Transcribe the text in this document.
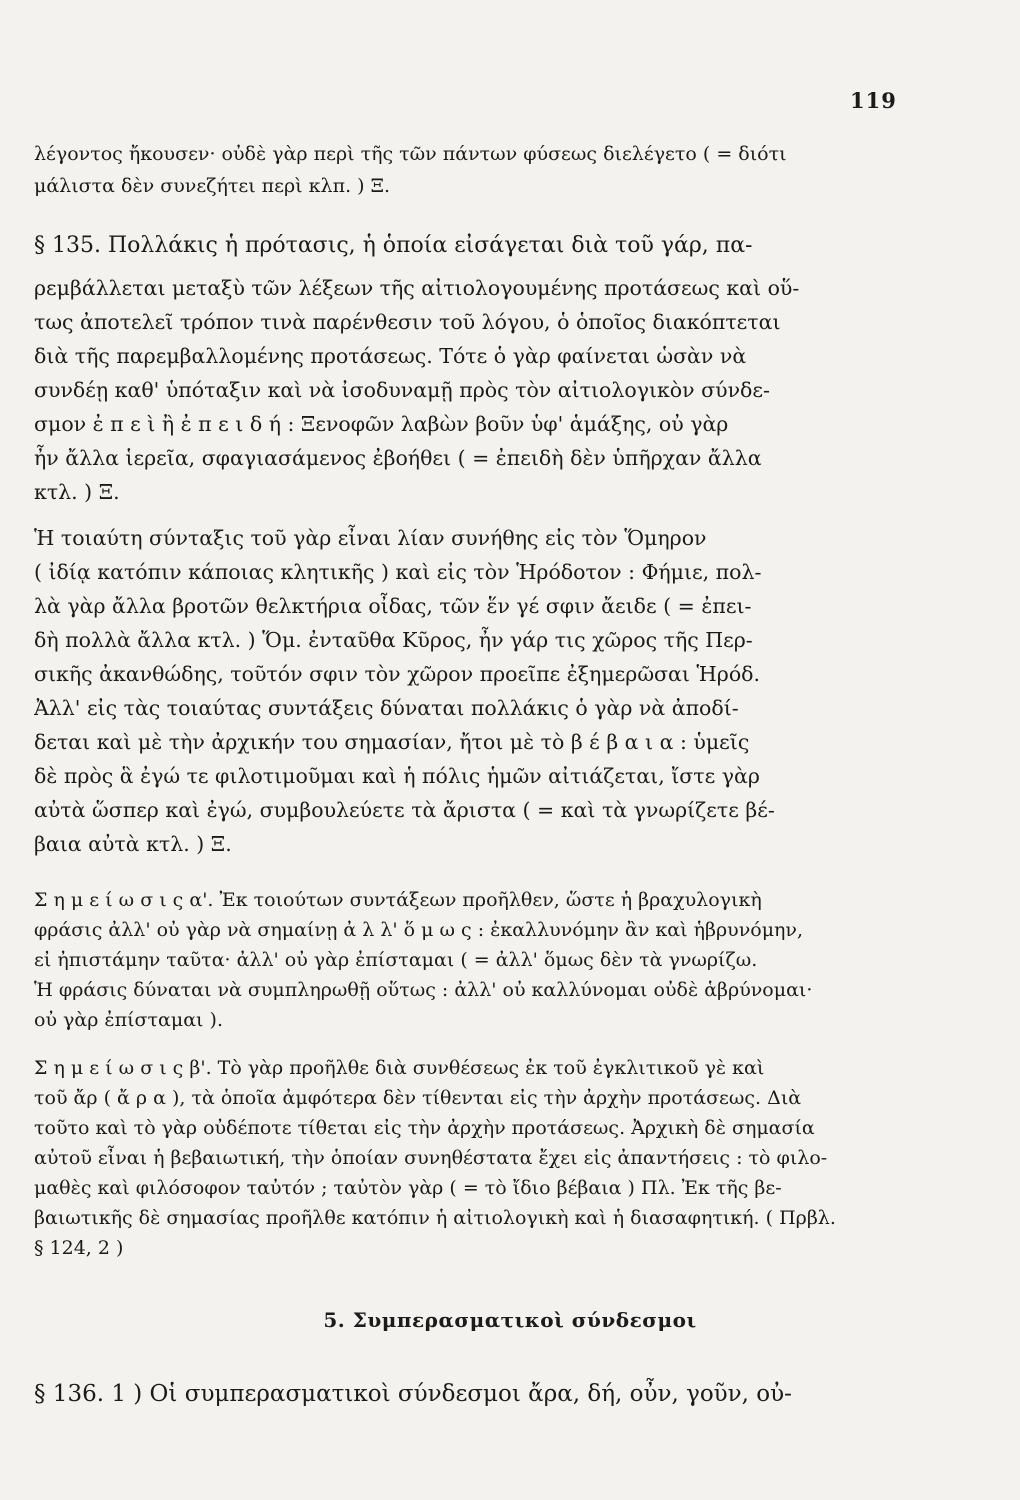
119
λέγοντος ἤκουσεν· οὐδὲ γὰρ περὶ τῆς τῶν πάντων φύσεως διελέγετο ( = διότι
μάλιστα δὲν συνεζήτει περὶ κλπ. ) Ξ.
§ 135. Πολλάκις ἡ πρότασις, ἡ ὁποία εἰσάγεται διὰ τοῦ γάρ, πα-
ρεμβάλλεται μεταξὺ τῶν λέξεων τῆς αἰτιολογουμένης προτάσεως καὶ οὕ-
τως ἀποτελεῖ τρόπον τινὰ παρένθεσιν τοῦ λόγου, ὁ ὁποῖος διακόπτεται
διὰ τῆς παρεμβαλλομένης προτάσεως. Τότε ὁ γὰρ φαίνεται ὡσὰν νὰ
συνδέῃ καθ' ὑπόταξιν καὶ νὰ ἰσοδυναμῇ πρὸς τὸν αἰτιολογικὸν σύνδε-
σμον ἐ π ε ὶ ἢ ἐ π ε ι δ ή : Ξενοφῶν λαβὼν βοῦν ὑφ' ἁμάξης, οὐ γὰρ
ἦν ἄλλα ἱερεῖα, σφαγιασάμενος ἐβοήθει ( = ἐπειδὴ δὲν ὑπῆρχαν ἄλλα
κτλ. ) Ξ.
Ἡ τοιαύτη σύνταξις τοῦ γὰρ εἶναι λίαν συνήθης εἰς τὸν Ὅμηρον
( ἰδίᾳ κατόπιν κάποιας κλητικῆς ) καὶ εἰς τὸν Ἡρόδοτον : Φήμιε, πολ-
λὰ γὰρ ἄλλα βροτῶν θελκτήρια οἶδας, τῶν ἕν γέ σφιν ἄειδε ( = ἐπει-
δὴ πολλὰ ἄλλα κτλ. ) Ὅμ. ἐνταῦθα Κῦρος, ἦν γάρ τις χῶρος τῆς Περ-
σικῆς ἀκανθώδης, τοῦτόν σφιν τὸν χῶρον προεῖπε ἐξημερῶσαι Ἡρόδ.
Ἀλλ' εἰς τὰς τοιαύτας συντάξεις δύναται πολλάκις ὁ γὰρ νὰ ἀποδί-
δεται καὶ μὲ τὴν ἀρχικήν του σημασίαν, ἤτοι μὲ τὸ β έ β α ι α : ὑμεῖς
δὲ πρὸς ἃ ἐγώ τε φιλοτιμοῦμαι καὶ ἡ πόλις ἡμῶν αἰτιάζεται, ἴστε γὰρ
αὐτὰ ὥσπερ καὶ ἐγώ, συμβουλεύετε τὰ ἄριστα ( = καὶ τὰ γνωρίζετε βέ-
βαια αὐτὰ κτλ. ) Ξ.
Σ η μ ε ί ω σ ι ς α'. Ἐκ τοιούτων συντάξεων προῆλθεν, ὥστε ἡ βραχυλογικὴ
φράσις ἀλλ' οὐ γὰρ νὰ σημαίνῃ ἀ λ λ' ὅ μ ω ς : ἐκαλλυνόμην ἂν καὶ ἡβρυνόμην,
εἰ ἠπιστάμην ταῦτα· ἀλλ' οὐ γὰρ ἐπίσταμαι ( = ἀλλ' ὅμως δὲν τὰ γνωρίζω.
Ἡ φράσις δύναται νὰ συμπληρωθῇ οὕτως : ἀλλ' οὐ καλλύνομαι οὐδὲ ἁβρύνομαι·
οὐ γὰρ ἐπίσταμαι ).
Σ η μ ε ί ω σ ι ς β'. Τὸ γὰρ προῆλθε διὰ συνθέσεως ἐκ τοῦ ἐγκλιτικοῦ γὲ καὶ
τοῦ ἄρ ( ἄ ρ α ), τὰ ὁποῖα ἀμφότερα δὲν τίθενται εἰς τὴν ἀρχὴν προτάσεως. Διὰ
τοῦτο καὶ τὸ γὰρ οὐδέποτε τίθεται εἰς τὴν ἀρχὴν προτάσεως. Ἀρχικὴ δὲ σημασία
αὐτοῦ εἶναι ἡ βεβαιωτική, τὴν ὁποίαν συνηθέστατα ἔχει εἰς ἀπαντήσεις : τὸ φιλο-
μαθὲς καὶ φιλόσοφον ταὐτόν ; ταὐτὸν γὰρ ( = τὸ ἴδιο βέβαια ) Πλ. Ἐκ τῆς βε-
βαιωτικῆς δὲ σημασίας προῆλθε κατόπιν ἡ αἰτιολογικὴ καὶ ἡ διασαφητική. ( Πρβλ.
§ 124, 2 )
5. Συμπερασματικοὶ σύνδεσμοι
§ 136. 1 ) Οἱ συμπερασματικοὶ σύνδεσμοι ἄρα, δή, οὖν, γοῦν, οὐ-
